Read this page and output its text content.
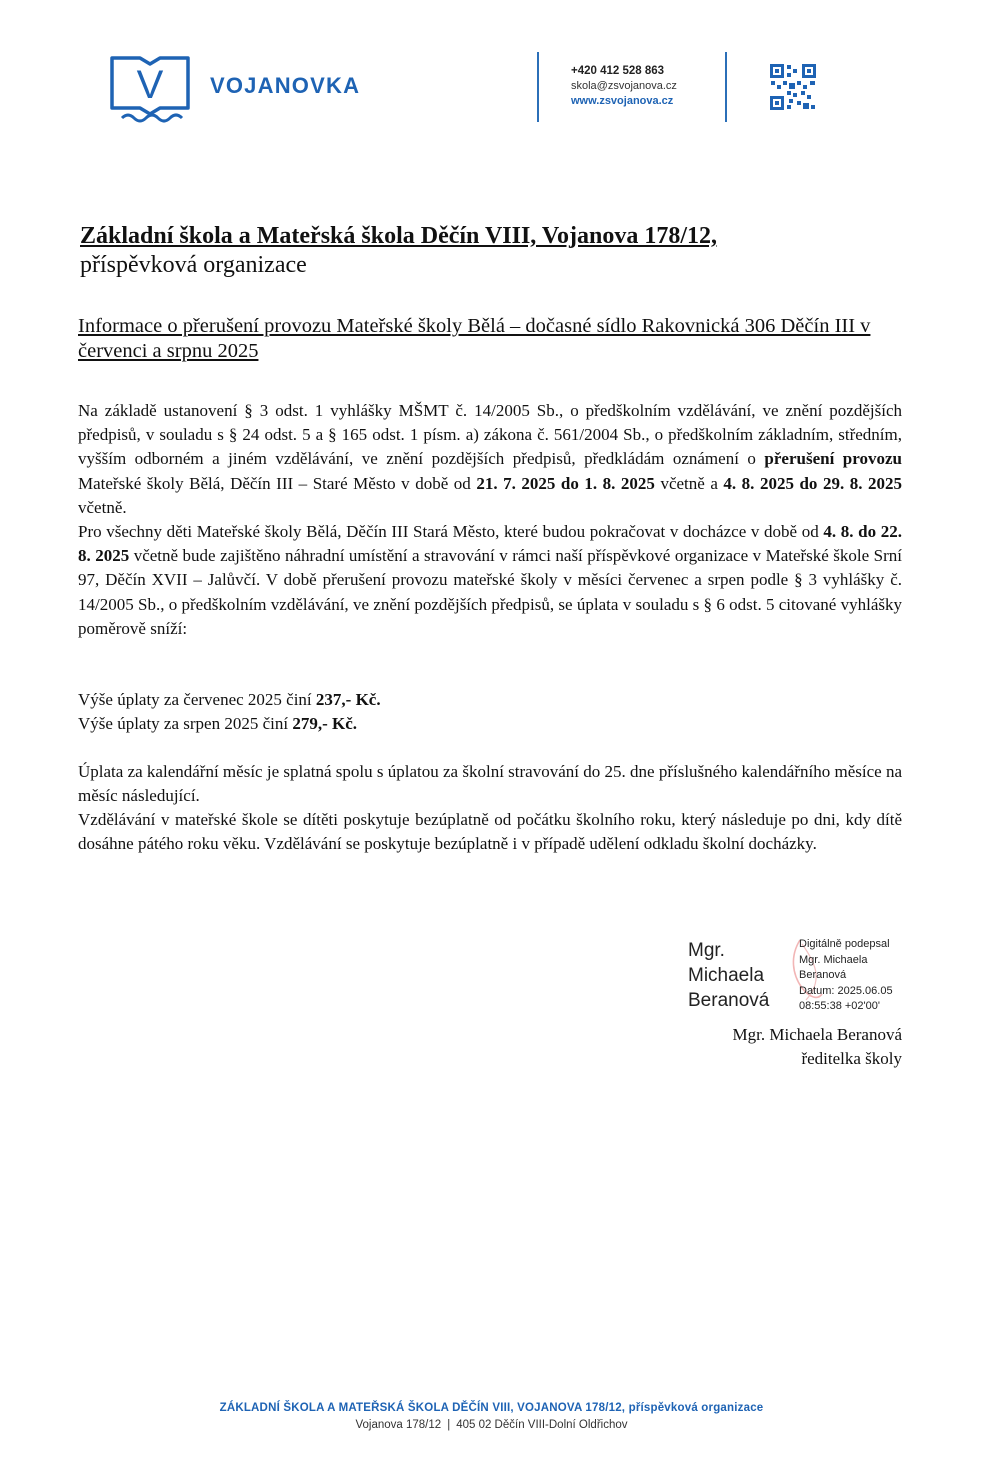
V VOJANOVKA
+420 412 528 863
skola@zsvojanova.cz
www.zsvojanova.cz
Základní škola a Mateřská škola Děčín VIII, Vojanova 178/12,
příspěvková organizace
Informace o přerušení provozu Mateřské školy Bělá – dočasné sídlo Rakovnická 306 Děčín III v červenci a srpnu 2025
Na základě ustanovení § 3 odst. 1 vyhlášky MŠMT č. 14/2005 Sb., o předškolním vzdělávání, ve znění pozdějších předpisů, v souladu s § 24 odst. 5 a § 165 odst. 1 písm. a) zákona č. 561/2004 Sb., o předškolním základním, středním, vyšším odborném a jiném vzdělávání, ve znění pozdějších předpisů, předkládám oznámení o přerušení provozu Mateřské školy Bělá, Děčín III – Staré Město v době od 21. 7. 2025 do 1. 8. 2025 včetně a 4. 8. 2025 do 29. 8. 2025 včetně.
Pro všechny děti Mateřské školy Bělá, Děčín III Stará Město, které budou pokračovat v docházce v době od 4. 8. do 22. 8. 2025 včetně bude zajištěno náhradní umístění a stravování v rámci naší příspěvkové organizace v Mateřské škole Srní 97, Děčín XVII – Jalůvčí. V době přerušení provozu mateřské školy v měsíci červenec a srpen podle § 3 vyhlášky č. 14/2005 Sb., o předškolním vzdělávání, ve znění pozdějších předpisů, se úplata v souladu s § 6 odst. 5 citované vyhlášky poměrově sníží:
Výše úplaty za červenec 2025 činí 237,- Kč.
Výše úplaty za srpen 2025 činí 279,- Kč.
Úplata za kalendářní měsíc je splatná spolu s úplatou za školní stravování do 25. dne příslušného kalendářního měsíce na měsíc následující.
Vzdělávání v mateřské škole se dítěti poskytuje bezúplatně od počátku školního roku, který následuje po dni, kdy dítě dosáhne pátého roku věku. Vzdělávání se poskytuje bezúplatně i v případě udělení odkladu školní docházky.
Mgr.
Michaela
Beranová
Digitálně podepsal
Mgr. Michaela
Beranová
Datum: 2025.06.05
08:55:38 +02'00'
Mgr. Michaela Beranová
ředitelka školy
ZÁKLADNÍ ŠKOLA A MATEŘSKÁ ŠKOLA DĚČÍN VIII, VOJANOVA 178/12, příspěvková organizace
Vojanova 178/12 | 405 02 Děčín VIII-Dolní Oldřichov
